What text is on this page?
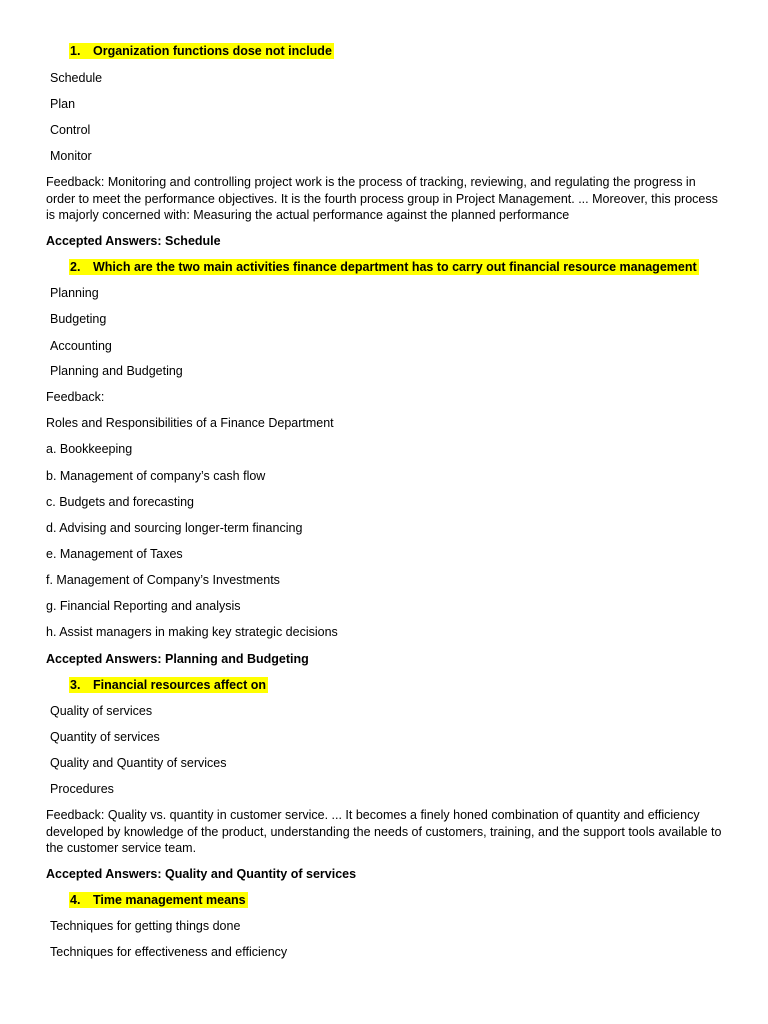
1. Organization functions dose not include
Schedule
Plan
Control
Monitor
Feedback: Monitoring and controlling project work is the process of tracking, reviewing, and regulating the progress in order to meet the performance objectives. It is the fourth process group in Project Management. ... Moreover, this process is majorly concerned with: Measuring the actual performance against the planned performance
Accepted Answers: Schedule
2. Which are the two main activities finance department has to carry out financial resource management
Planning
Budgeting
Accounting
Planning and Budgeting
Feedback:
Roles and Responsibilities of a Finance Department
a. Bookkeeping
b. Management of company’s cash flow
c. Budgets and forecasting
d. Advising and sourcing longer-term financing
e. Management of Taxes
f. Management of Company’s Investments
g. Financial Reporting and analysis
h. Assist managers in making key strategic decisions
Accepted Answers: Planning and Budgeting
3. Financial resources affect on
Quality of services
Quantity of services
Quality and Quantity of services
Procedures
Feedback: Quality vs. quantity in customer service. ... It becomes a finely honed combination of quantity and efficiency developed by knowledge of the product, understanding the needs of customers, training, and the support tools available to the customer service team.
Accepted Answers: Quality and Quantity of services
4. Time management means
Techniques for getting things done
Techniques for effectiveness and efficiency
